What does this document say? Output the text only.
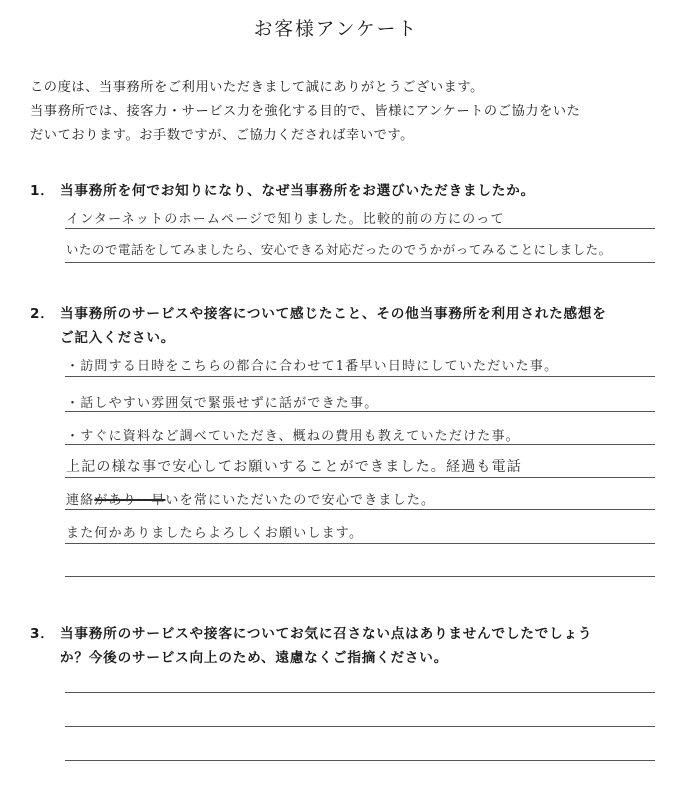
お客様アンケート
この度は、当事務所をご利用いただきまして誠にありがとうございます。
当事務所では、接客力・サービス力を強化する目的で、皆様にアンケートのご協力をいた
だいております。お手数ですが、ご協力くだされば幸いです。
1． 当事務所を何でお知りになり、なぜ当事務所をお選びいただきましたか。
インターネットのホームページで知りました。比較的前の方にのって
いたので電話をしてみましたら、安心できる対応だったのでうかがってみることにしました。
2． 当事務所のサービスや接客について感じたこと、その他当事務所を利用された感想を
ご記入ください。
・訪問する日時をこちらの都合に合わせて1番早い日時にしていただいた事。
・話しやすい雰囲気で緊張せずに話ができた事。
・すぐに資料など調べていただき、概ねの費用も教えていただけた事。
上記の様な事で安心してお願いすることができました。経過も電話
連絡がありー早いを常にいただいたので安心できました。
また何かありましたらよろしくお願いします。
3． 当事務所のサービスや接客についてお気に召さない点はありませんでしたでしょう
か？今後のサービス向上のため、遠慮なくご指摘ください。
